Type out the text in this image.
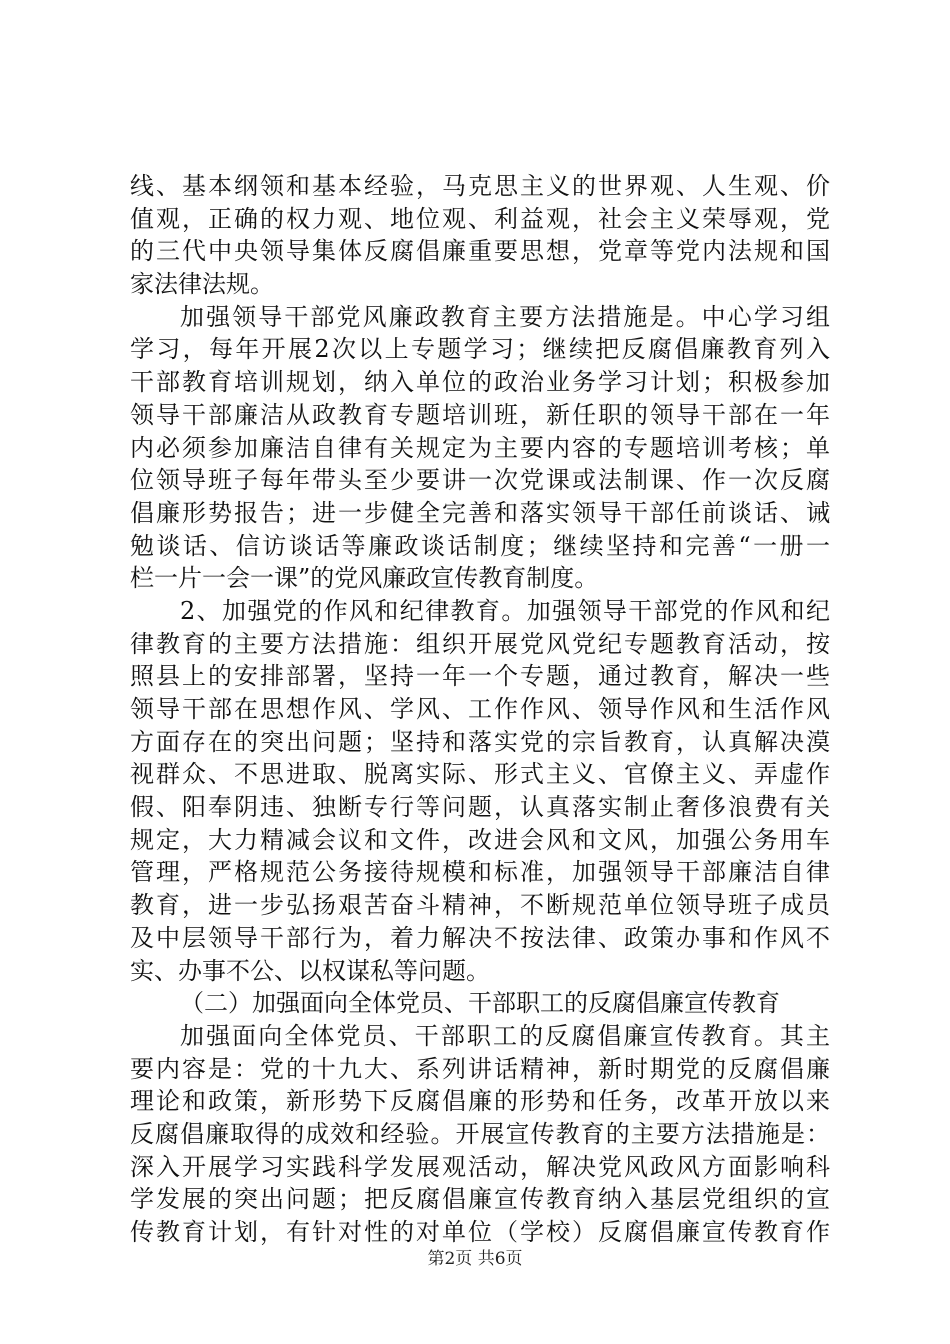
线、基本纲领和基本经验，马克思主义的世界观、人生观、价
值观，正确的权力观、地位观、利益观，社会主义荣辱观，党
的三代中央领导集体反腐倡廉重要思想，党章等党内法规和国
家法律法规。
加强领导干部党风廉政教育主要方法措施是。中心学习组
学习，每年开展2次以上专题学习；继续把反腐倡廉教育列入
干部教育培训规划，纳入单位的政治业务学习计划；积极参加
领导干部廉洁从政教育专题培训班，新任职的领导干部在一年
内必须参加廉洁自律有关规定为主要内容的专题培训考核；单
位领导班子每年带头至少要讲一次党课或法制课、作一次反腐
倡廉形势报告；进一步健全完善和落实领导干部任前谈话、诫
勉谈话、信访谈话等廉政谈话制度；继续坚持和完善“一册一
栏一片一会一课”的党风廉政宣传教育制度。
2、加强党的作风和纪律教育。加强领导干部党的作风和纪
律教育的主要方法措施：组织开展党风党纪专题教育活动，按
照县上的安排部署，坚持一年一个专题，通过教育，解决一些
领导干部在思想作风、学风、工作作风、领导作风和生活作风
方面存在的突出问题；坚持和落实党的宗旨教育，认真解决漠
视群众、不思进取、脱离实际、形式主义、官僚主义、弄虚作
假、阳奉阴违、独断专行等问题，认真落实制止奢侈浪费有关
规定，大力精减会议和文件，改进会风和文风，加强公务用车
管理，严格规范公务接待规模和标准，加强领导干部廉洁自律
教育，进一步弘扬艰苦奋斗精神，不断规范单位领导班子成员
及中层领导干部行为，着力解决不按法律、政策办事和作风不
实、办事不公、以权谋私等问题。
（二）加强面向全体党员、干部职工的反腐倡廉宣传教育
加强面向全体党员、干部职工的反腐倡廉宣传教育。其主
要内容是：党的十九大、系列讲话精神，新时期党的反腐倡廉
理论和政策，新形势下反腐倡廉的形势和任务，改革开放以来
反腐倡廉取得的成效和经验。开展宣传教育的主要方法措施是：
深入开展学习实践科学发展观活动，解决党风政风方面影响科
学发展的突出问题；把反腐倡廉宣传教育纳入基层党组织的宣
传教育计划，有针对性的对单位（学校）反腐倡廉宣传教育作
第2页 共6页
